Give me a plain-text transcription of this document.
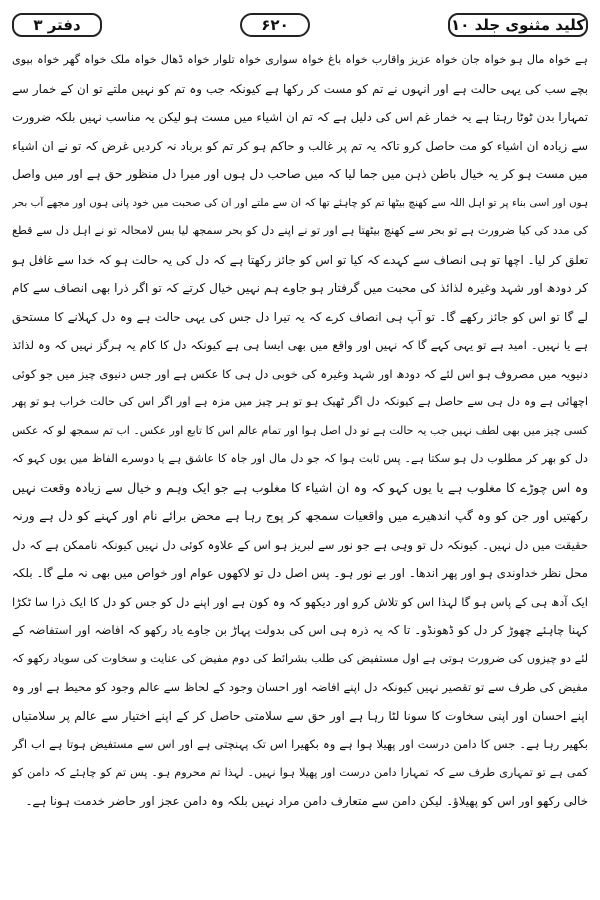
دفتر ۳	۶۲۰	کلید مثنوی جلد ۱۰
ہے خواہ مال ہو خواہ جان خواہ عزیز واقارب خواہ باغ خواہ سواری خواہ تلوار خواہ ڈھال خواہ ملک خواہ گھر خواہ بیوی
بچے سب کی یہی حالت ہے اور انہوں نے تم کو مست کر رکھا ہے کیونکہ جب وہ تم کو نہیں ملتے تو ان کے خمار سے
تمہارا بدن ٹوٹا رہتا ہے یہ خمار غم اس کی دلیل ہے کہ تم ان اشیاء میں مست ہو لیکن یہ مناسب نہیں بلکہ ضرورت
سے زیادہ ان اشیاء کو مت حاصل کرو تاکہ یہ تم پر غالب و حاکم ہو کر تم کو برباد نہ کردیں غرض کہ تو نے ان اشیاء
میں مست ہو کر یہ خیال باطن ذہن میں جما لیا کہ میں صاحب دل ہوں اور میرا دل منظور حق ہے اور میں واصل
ہوں اور اسی بناء پر تو اہل اللہ سے کھنچ بیٹھا تم کو چاہئے تھا کہ ان سے ملتے اور ان کی صحبت میں خود پانی ہوں اور مجھے آب بحر
کی مدد کی کیا ضرورت ہے تو بحر سے کھنچ بیٹھتا ہے اور تو نے اپنے دل کو بحر سمجھ لیا بس لامحالہ تو نے اہل دل سے قطع
تعلق کر لیا۔ اچھا تو ہی انصاف سے کہدے کہ کیا تو اس کو جائز رکھتا ہے کہ دل کی یہ حالت ہو کہ خدا سے غافل ہو
کر دودھ اور شہد وغیرہ لذائذ کی محبت میں گرفتار ہو جاوے ہم نہیں خیال کرتے کہ تو اگر ذرا بھی انصاف سے کام
لے گا تو اس کو جائز رکھے گا۔ تو آپ ہی انصاف کرے کہ یہ تیرا دل جس کی یہی حالت ہے وہ دل کہلانے کا مستحق
ہے یا نہیں۔ امید ہے تو یہی کہے گا کہ نہیں اور واقع میں بھی ایسا ہی ہے کیونکہ دل کا کام یہ ہرگز نہیں کہ وہ لذائذ
دنیویہ میں مصروف ہو اس لئے کہ دودھ اور شہد وغیرہ کی خوبی دل ہی کا عکس ہے اور جس دنیوی چیز میں جو کوئی
اچھائی ہے وہ دل ہی سے حاصل ہے کیونکہ دل اگر ٹھیک ہو تو ہر چیز میں مزہ ہے اور اگر اس کی حالت خراب ہو تو پھر
کسی چیز میں بھی لطف نہیں جب یہ حالت ہے تو دل اصل ہوا اور تمام عالم اس کا تابع اور عکس۔ اب تم سمجھ لو کہ عکس
دل کو بھر کر مطلوب دل ہو سکتا ہے۔ پس ثابت ہوا کہ جو دل مال اور جاہ کا عاشق ہے یا دوسرے الفاظ میں یوں کہو کہ
وہ اس چوڑے کا مغلوب ہے یا یوں کہو کہ وہ ان اشیاء کا مغلوب ہے جو ایک وہم و خیال سے زیادہ وقعت نہیں
رکھتیں اور جن کو وہ گپ اندھیرے میں واقعیات سمجھ کر پوج رہا ہے محض برائے نام اور کہنے کو دل ہے ورنہ
حقیقت میں دل نہیں۔ کیونکہ دل تو وہی ہے جو نور سے لبریز ہو اس کے علاوہ کوئی دل نہیں کیونکہ ناممکن ہے کہ دل
محل نظر خداوندی ہو اور پھر اندھا۔ اور بے نور ہو۔ پس اصل دل تو لاکھوں عوام اور خواص میں بھی نہ ملے گا۔ بلکہ
ایک آدھ ہی کے پاس ہو گا لہذا اس کو تلاش کرو اور دیکھو کہ وہ کون ہے اور اپنے دل کو جس کو دل کا ایک ذرا سا ٹکڑا
کہنا چاہئے چھوڑ کر دل کو ڈھونڈو۔ تا کہ یہ ذرہ ہی اس کی بدولت پہاڑ بن جاوے یاد رکھو کہ افاضہ اور استفاضہ کے
لئے دو چیزوں کی ضرورت ہوتی ہے اول مستفیض کی طلب بشرائط کی دوم مفیض کی عنایت و سخاوت کی سویاد رکھو کہ
مفیض کی طرف سے تو تقصیر نہیں کیونکہ دل اپنے افاضہ اور احسان وجود کے لحاظ سے عالم وجود کو محیط ہے اور وہ
اپنے احسان اور اپنی سخاوت کا سونا لٹا رہا ہے اور حق سے سلامتی حاصل کر کے اپنے اختیار سے عالم پر سلامتیاں
بکھیر رہا ہے۔ جس کا دامن درست اور پھیلا ہوا ہے وہ بکھیرا اس تک پہنچتی ہے اور اس سے مستفیض ہوتا ہے اب اگر
کمی ہے تو تمہاری طرف سے کہ تمہارا دامن درست اور پھیلا ہوا نہیں۔ لہذا تم محروم ہو۔ پس تم کو چاہئے کہ دامن کو
خالی رکھو اور اس کو پھیلاؤ۔ لیکن دامن سے متعارف دامن مراد نہیں بلکہ وہ دامن عجز اور حاضر خدمت ہونا ہے۔
